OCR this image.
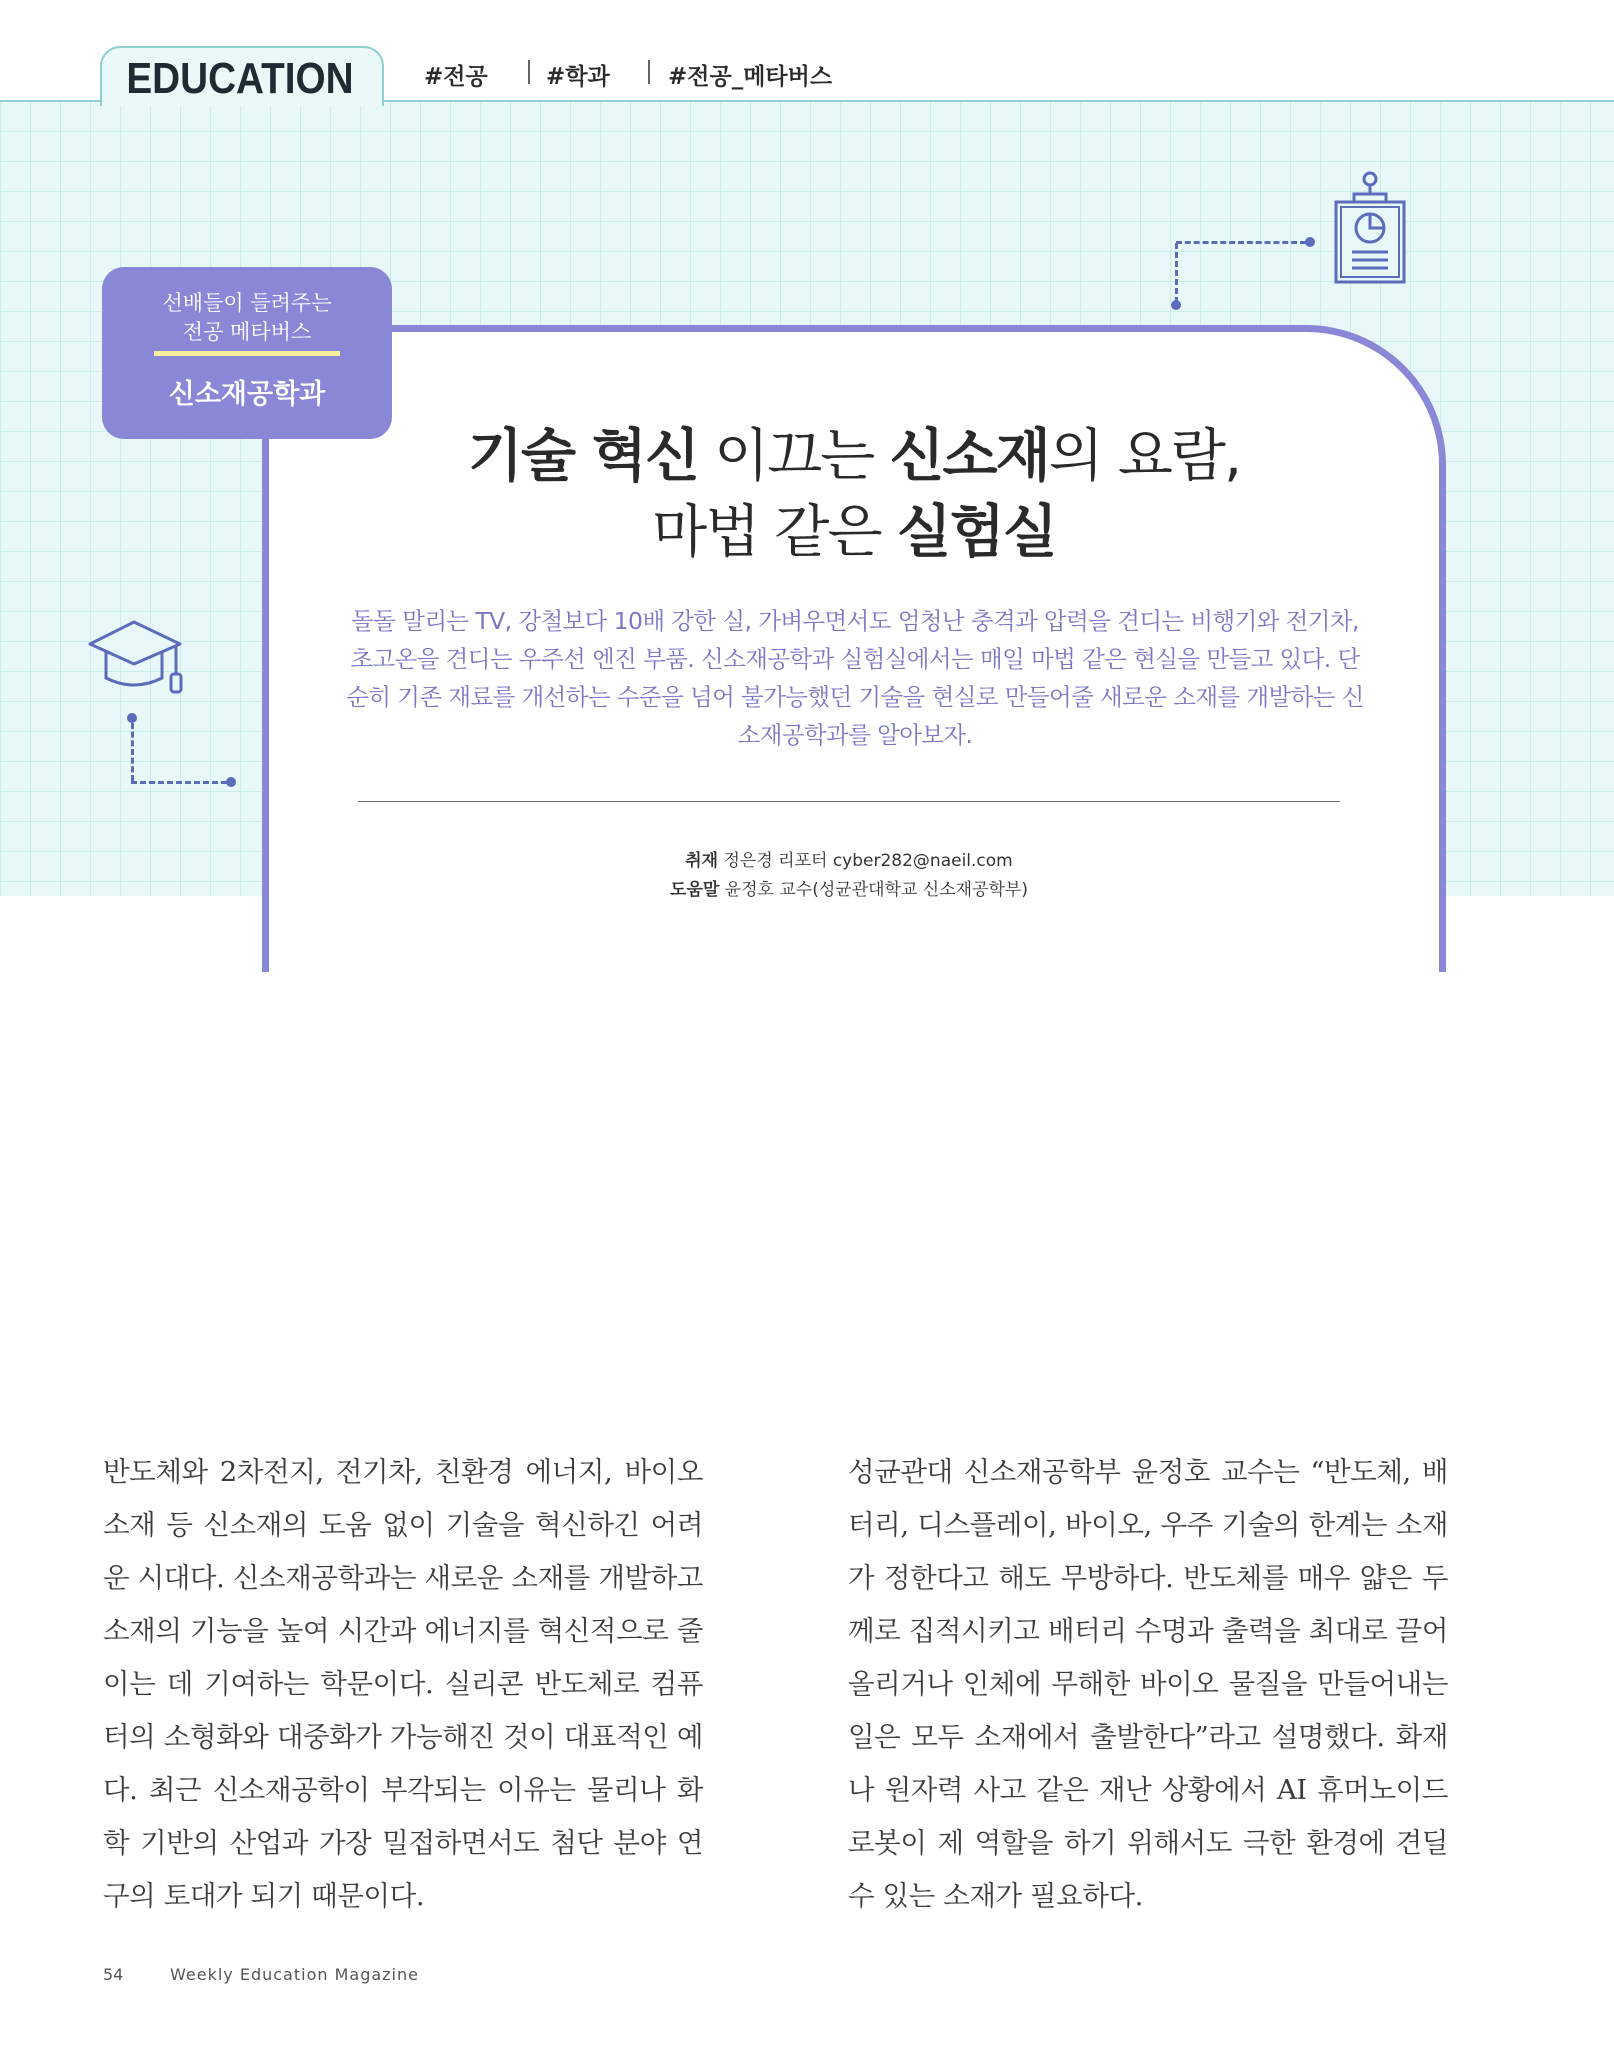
EDUCATION	#전공	#학과	#전공_메타버스
선배들이 들려주는
전공 메타버스
신소재공학과
기술 혁신 이끄는 신소재의 요람,
마법 같은 실험실
돌돌 말리는 TV, 강철보다 10배 강한 실, 가벼우면서도 엄청난 충격과 압력을 견디는 비행기와 전기차, 초고온을 견디는 우주선 엔진 부품. 신소재공학과 실험실에서는 매일 마법 같은 현실을 만들고 있다. 단순히 기존 재료를 개선하는 수준을 넘어 불가능했던 기술을 현실로 만들어줄 새로운 소재를 개발하는 신소재공학과를 알아보자.
취재 정은경 리포터 cyber282@naeil.com
도움말 윤정호 교수(성균관대학교 신소재공학부)
반도체와 2차전지, 전기차, 친환경 에너지, 바이오 소재 등 신소재의 도움 없이 기술을 혁신하긴 어려운 시대다. 신소재공학과는 새로운 소재를 개발하고 소재의 기능을 높여 시간과 에너지를 혁신적으로 줄이는 데 기여하는 학문이다. 실리콘 반도체로 컴퓨터의 소형화와 대중화가 가능해진 것이 대표적인 예다. 최근 신소재공학이 부각되는 이유는 물리나 화학 기반의 산업과 가장 밀접하면서도 첨단 분야 연구의 토대가 되기 때문이다.
성균관대 신소재공학부 윤정호 교수는 “반도체, 배터리, 디스플레이, 바이오, 우주 기술의 한계는 소재가 정한다고 해도 무방하다. 반도체를 매우 얇은 두께로 집적시키고 배터리 수명과 출력을 최대로 끌어올리거나 인체에 무해한 바이오 물질을 만들어내는 일은 모두 소재에서 출발한다”라고 설명했다. 화재나 원자력 사고 같은 재난 상황에서 AI 휴머노이드 로봇이 제 역할을 하기 위해서도 극한 환경에 견딜 수 있는 소재가 필요하다.
54	Weekly Education Magazine
